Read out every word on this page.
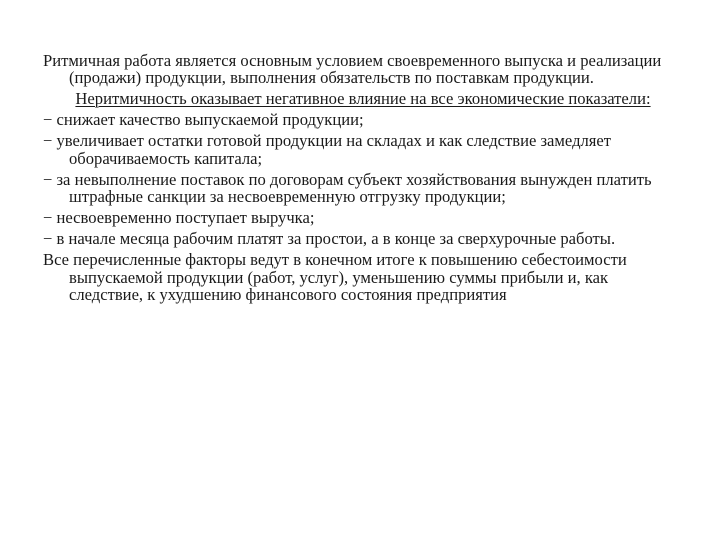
Ритмичная работа является основным условием своевременного выпуска и реализации (продажи) продукции, выполнения обязательств по поставкам продукции.

Неритмичность оказывает негативное влияние на все экономические показатели:

− снижает качество выпускаемой продукции;

− увеличивает остатки готовой продукции на складах и как следствие замедляет оборачиваемость капитала;

− за невыполнение поставок по договорам субъект хозяйствования вынужден платить штрафные санкции за несвоевременную отгрузку продукции;

− несвоевременно поступает выручка;

− в начале месяца рабочим платят за простои, а в конце за сверхурочные работы.

Все перечисленные факторы ведут в конечном итоге к повышению себестоимости выпускаемой продукции (работ, услуг), уменьшению суммы прибыли и, как следствие, к ухудшению финансового состояния предприятия
